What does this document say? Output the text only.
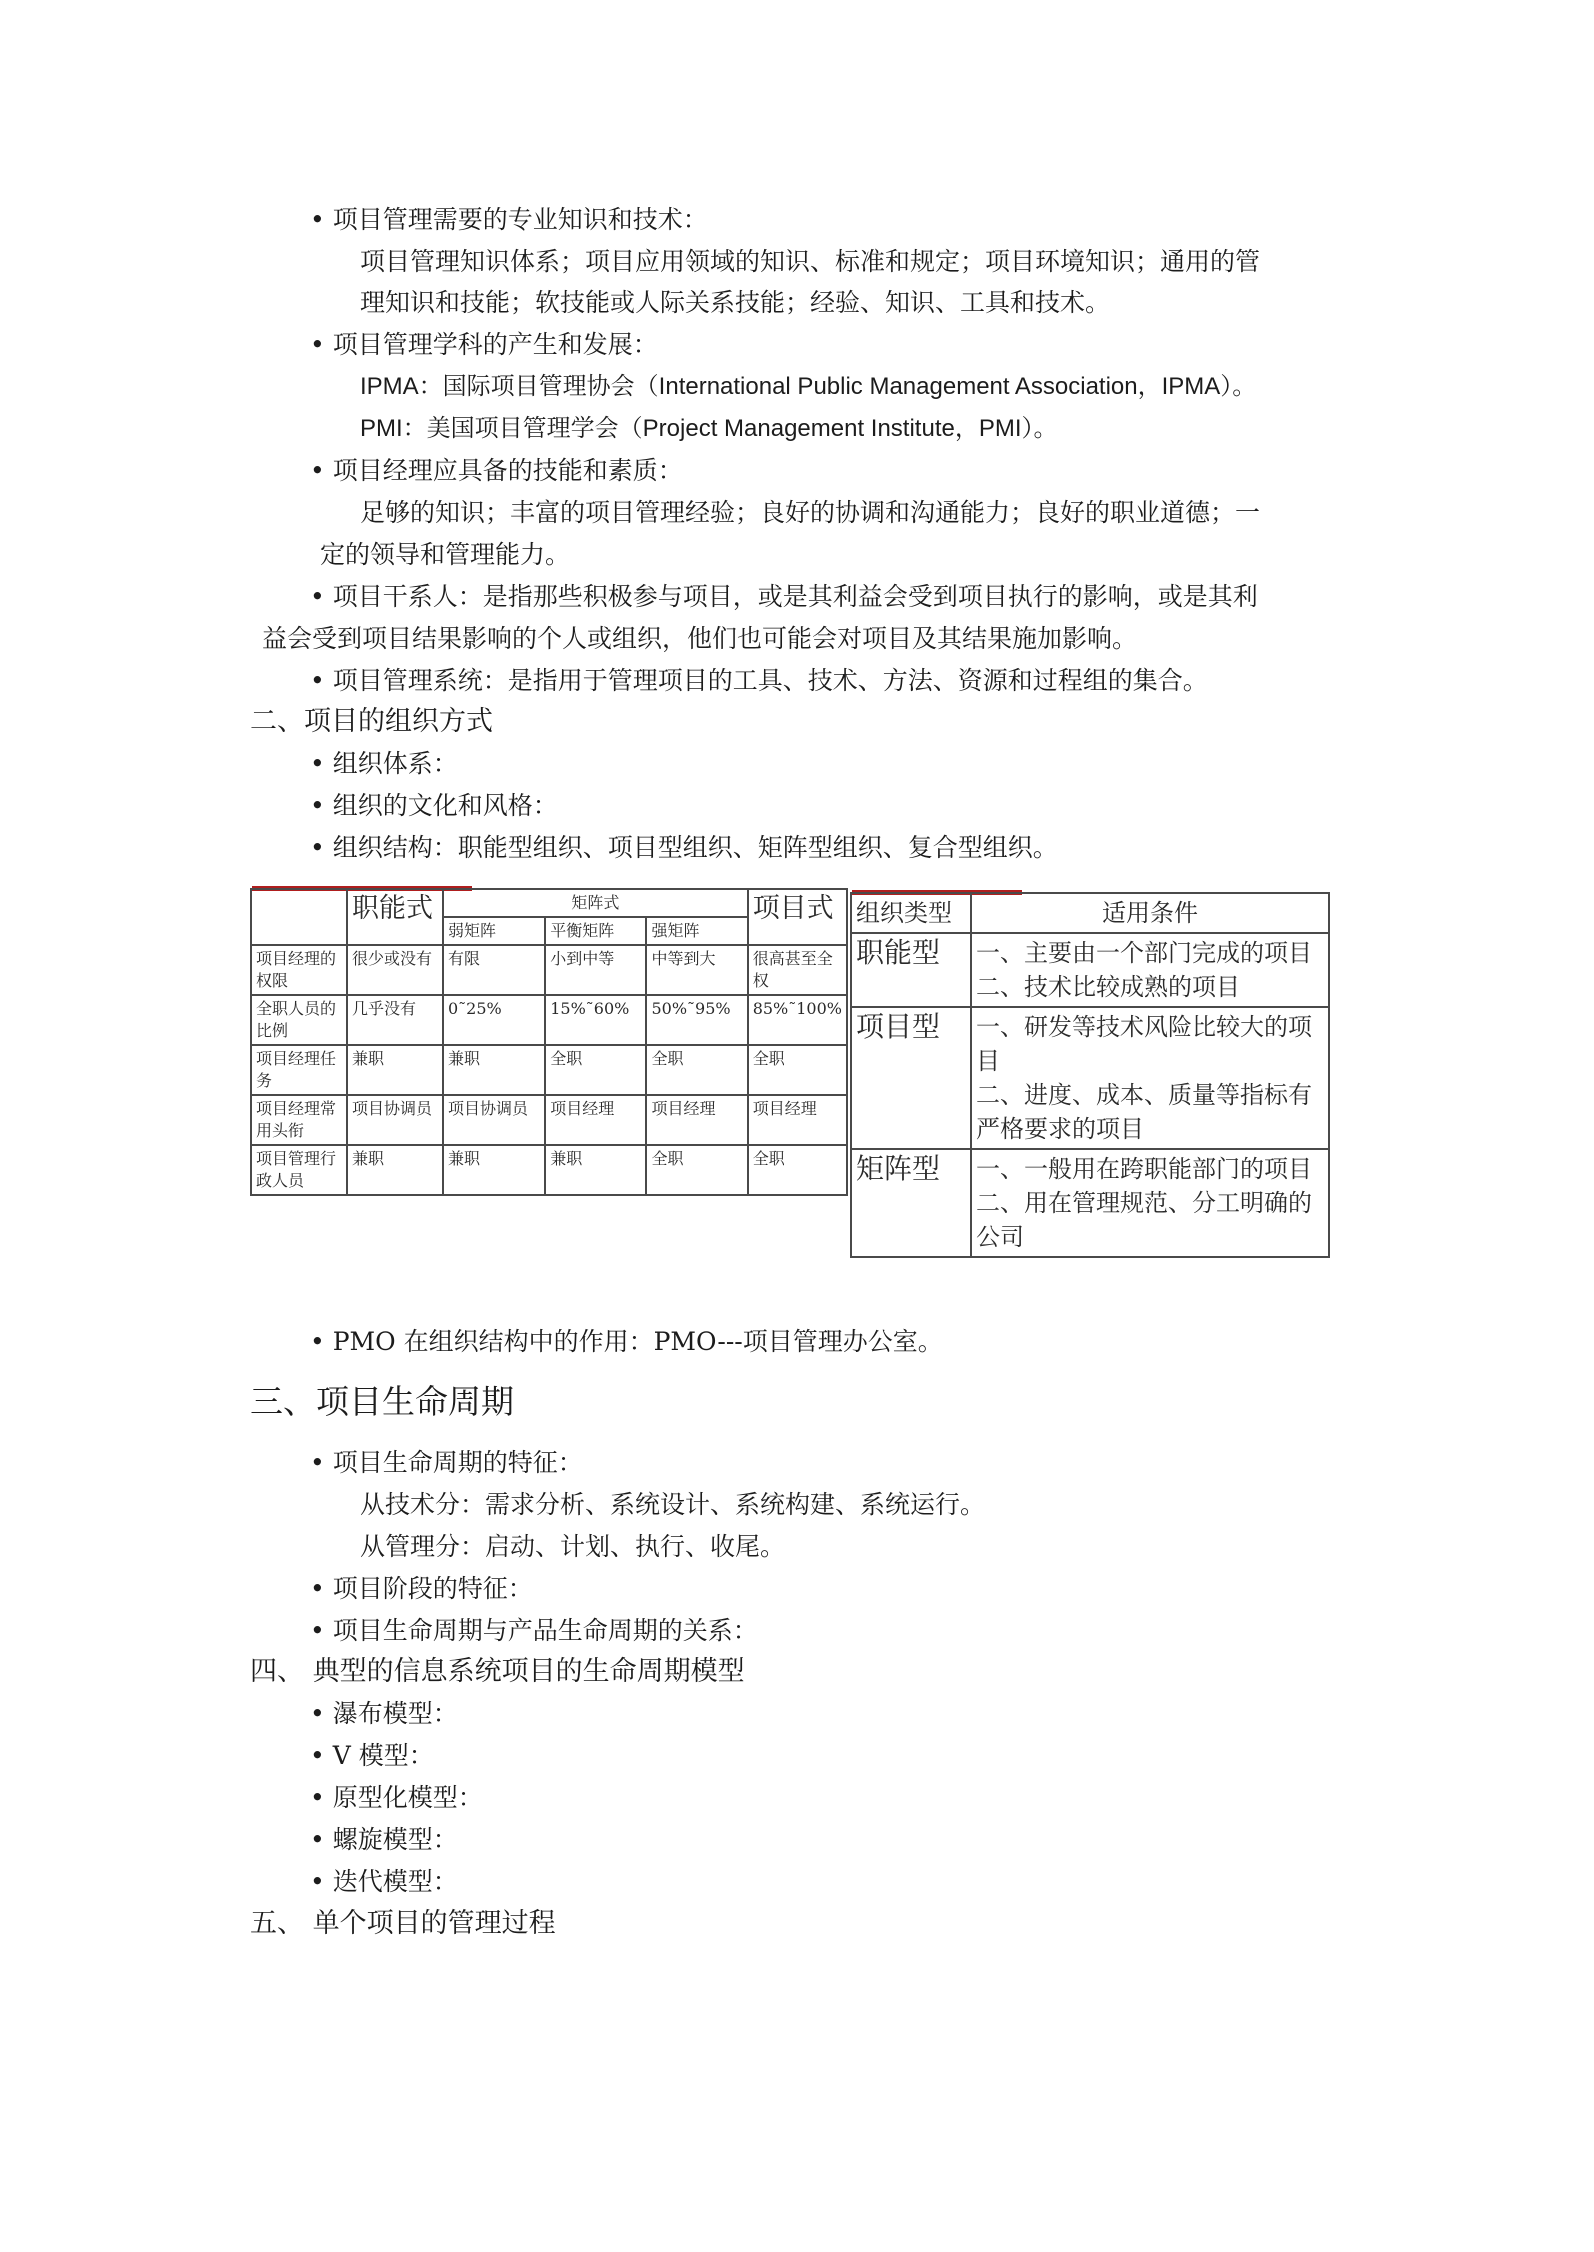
• 项目管理需要的专业知识和技术：
项目管理知识体系；项目应用领域的知识、标准和规定；项目环境知识；通用的管
理知识和技能；软技能或人际关系技能；经验、知识、工具和技术。
• 项目管理学科的产生和发展：
IPMA：国际项目管理协会（International Public Management Association，IPMA）。
PMI：美国项目管理学会（Project Management Institute，PMI）。
• 项目经理应具备的技能和素质：
足够的知识；丰富的项目管理经验；良好的协调和沟通能力；良好的职业道德；一
定的领导和管理能力。
• 项目干系人：是指那些积极参与项目，或是其利益会受到项目执行的影响，或是其利
益会受到项目结果影响的个人或组织，他们也可能会对项目及其结果施加影响。
• 项目管理系统：是指用于管理项目的工具、技术、方法、资源和过程组的集合。
二、项目的组织方式
• 组织体系：
• 组织的文化和风格：
• 组织结构：职能型组织、项目型组织、矩阵型组织、复合型组织。
	职能式	矩阵式			项目式
		弱矩阵	平衡矩阵	强矩阵	
项目经理的权限	很少或没有	有限	小到中等	中等到大	很高甚至全权
全职人员的比例	几乎没有	0˜25%	15%˜60%	50%˜95%	85%˜100%
项目经理任务	兼职	兼职	全职	全职	全职
项目经理常用头衔	项目协调员	项目协调员	项目经理	项目经理	项目经理
项目管理行政人员	兼职	兼职	兼职	全职	全职
组织类型	适用条件
职能型	一、主要由一个部门完成的项目
二、技术比较成熟的项目
项目型	一、研发等技术风险比较大的项目
二、进度、成本、质量等指标有严格要求的项目
矩阵型	一、一般用在跨职能部门的项目
二、用在管理规范、分工明确的公司
• PMO 在组织结构中的作用：PMO---项目管理办公室。
三、项目生命周期
• 项目生命周期的特征：
从技术分：需求分析、系统设计、系统构建、系统运行。
从管理分：启动、计划、执行、收尾。
• 项目阶段的特征：
• 项目生命周期与产品生命周期的关系：
四、 典型的信息系统项目的生命周期模型
• 瀑布模型：
• V 模型：
• 原型化模型：
• 螺旋模型：
• 迭代模型：
五、 单个项目的管理过程
